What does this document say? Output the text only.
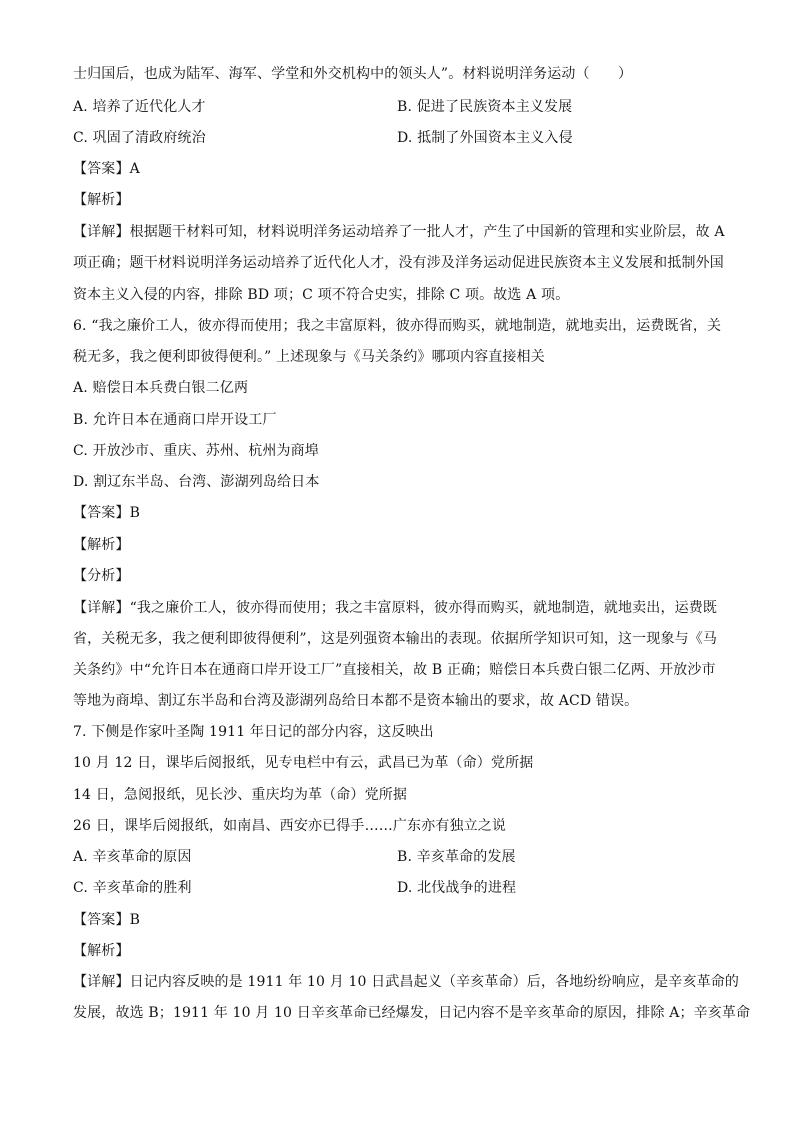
士归国后，也成为陆军、海军、学堂和外交机构中的领头人”。材料说明洋务运动（　　）
A. 培养了近代化人才	B. 促进了民族资本主义发展
C. 巩固了清政府统治	D. 抵制了外国资本主义入侵
【答案】A
【解析】
【详解】根据题干材料可知，材料说明洋务运动培养了一批人才，产生了中国新的管理和实业阶层，故 A
项正确；题干材料说明洋务运动培养了近代化人才，没有涉及洋务运动促进民族资本主义发展和抵制外国
资本主义入侵的内容，排除 BD 项；C 项不符合史实，排除 C 项。故选 A 项。
6. “我之廉价工人，彼亦得而使用；我之丰富原料，彼亦得而购买，就地制造，就地卖出，运费既省，关
税无多，我之便利即彼得便利。” 上述现象与《马关条约》哪项内容直接相关
A. 赔偿日本兵费白银二亿两
B. 允许日本在通商口岸开设工厂
C. 开放沙市、重庆、苏州、杭州为商埠
D. 割辽东半岛、台湾、澎湖列岛给日本
【答案】B
【解析】
【分析】
【详解】“我之廉价工人，彼亦得而使用；我之丰富原料，彼亦得而购买，就地制造，就地卖出，运费既
省，关税无多，我之便利即彼得便利”，这是列强资本输出的表现。依据所学知识可知，这一现象与《马
关条约》中“允许日本在通商口岸开设工厂”直接相关，故 B 正确；赔偿日本兵费白银二亿两、开放沙市
等地为商埠、割辽东半岛和台湾及澎湖列岛给日本都不是资本输出的要求，故 ACD 错误。
7. 下侧是作家叶圣陶 1911 年日记的部分内容，这反映出
10 月 12 日，课毕后阅报纸，见专电栏中有云，武昌已为革（命）党所据
14 日，急阅报纸，见长沙、重庆均为革（命）党所据
26 日，课毕后阅报纸，如南昌、西安亦已得手……广东亦有独立之说
A. 辛亥革命的原因	B. 辛亥革命的发展
C. 辛亥革命的胜利	D. 北伐战争的进程
【答案】B
【解析】
【详解】日记内容反映的是 1911 年 10 月 10 日武昌起义（辛亥革命）后，各地纷纷响应，是辛亥革命的
发展，故选 B；1911 年 10 月 10 日辛亥革命已经爆发，日记内容不是辛亥革命的原因，排除 A；辛亥革命
